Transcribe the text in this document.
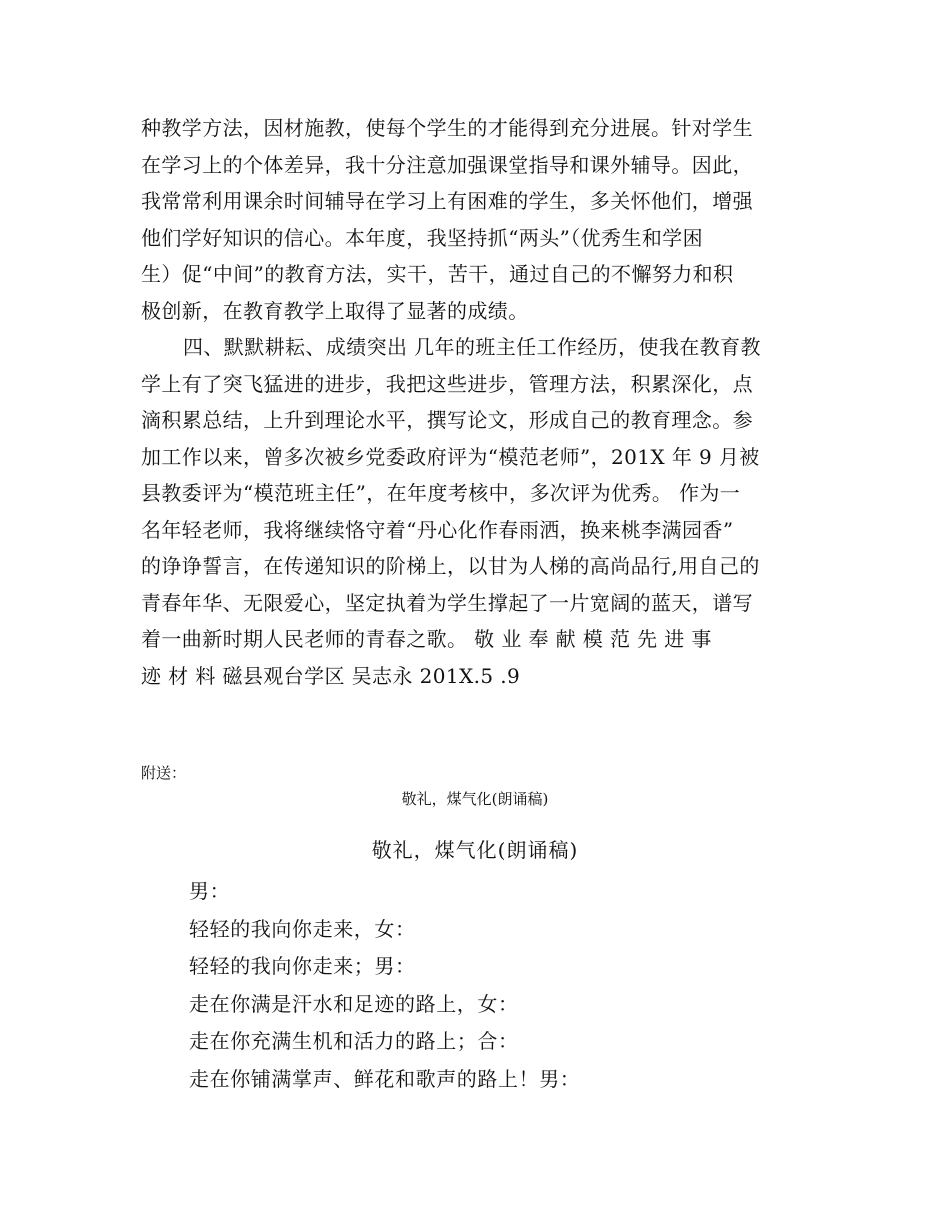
种教学方法，因材施教，使每个学生的才能得到充分进展。针对学生
在学习上的个体差异，我十分注意加强课堂指导和课外辅导。因此，
我常常利用课余时间辅导在学习上有困难的学生，多关怀他们，增强
他们学好知识的信心。本年度，我坚持抓“两头”（优秀生和学困
生）促“中间”的教育方法，实干，苦干，通过自己的不懈努力和积
极创新，在教育教学上取得了显著的成绩。
四、默默耕耘、成绩突出 几年的班主任工作经历，使我在教育教
学上有了突飞猛进的进步，我把这些进步，管理方法，积累深化，点
滴积累总结，上升到理论水平，撰写论文，形成自己的教育理念。参
加工作以来，曾多次被乡党委政府评为“模范老师”，201X 年 9 月被
县教委评为“模范班主任”，在年度考核中，多次评为优秀。 作为一
名年轻老师，我将继续恪守着“丹心化作春雨洒，换来桃李满园香”
的诤诤誓言，在传递知识的阶梯上，以甘为人梯的高尚品行,用自己的
青春年华、无限爱心，坚定执着为学生撑起了一片宽阔的蓝天，谱写
着一曲新时期人民老师的青春之歌。 敬 业 奉 献 模 范 先 进 事
迹 材 料 磁县观台学区 吴志永 201X.5 .9
附送：
敬礼，煤气化(朗诵稿)
敬礼，煤气化(朗诵稿)
男：
轻轻的我向你走来，女：
轻轻的我向你走来；男：
走在你满是汗水和足迹的路上，女：
走在你充满生机和活力的路上；合：
走在你铺满掌声、鲜花和歌声的路上！男：
